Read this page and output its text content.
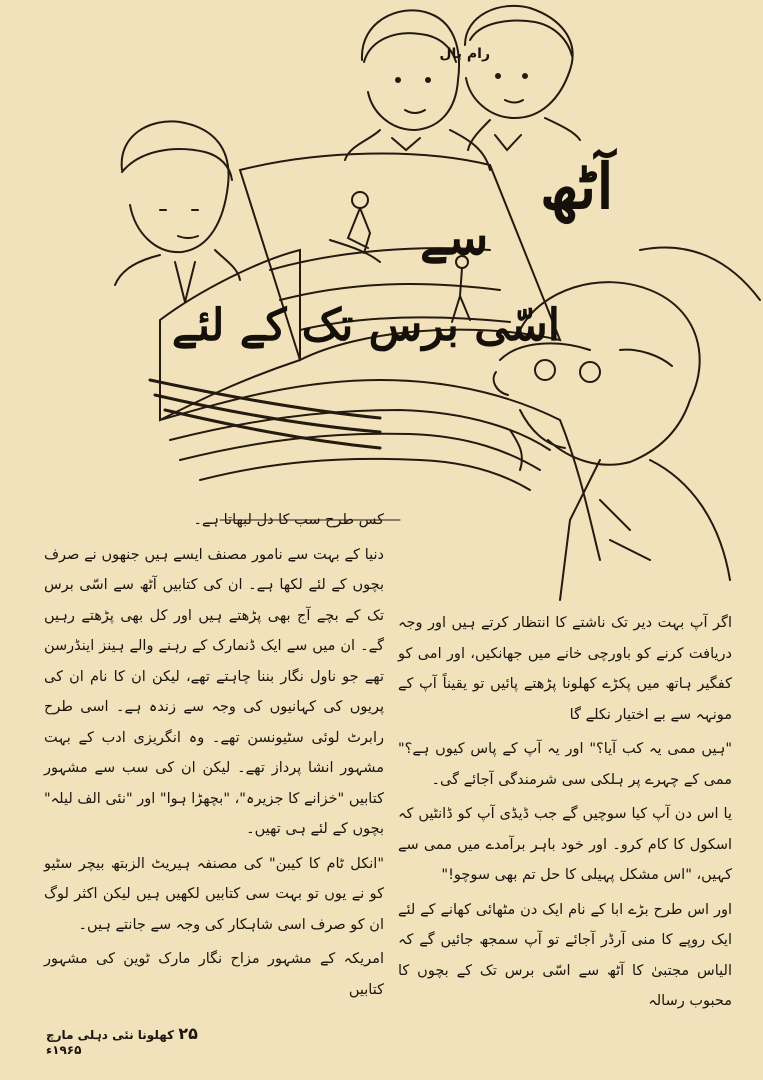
رام پال
آٹھ
سے
اسّی برس تک کے لئے

اگر آپ بہت دیر تک ناشتے کا انتظار کرتے ہیں اور وجہ دریافت کرنے کو باورچی خانے میں جھانکیں، اور امی کو کفگیر ہاتھ میں پکڑے کھلونا پڑھتے پائیں تو یقیناً آپ کے مونہہ سے بے اختیار نکلے گا

"ہیں ممی یہ کب آیا؟" اور یہ آپ کے پاس کیوں ہے؟" ممی کے چہرے پر ہلکی سی شرمندگی آجائے گی۔

یا اس دن آپ کیا سوچیں گے جب ڈیڈی آپ کو ڈانٹیں کہ اسکول کا کام کرو۔ اور خود باہر برآمدے میں ممی سے کہیں، "اس مشکل پہیلی کا حل تم بھی سوچو!"

اور اس طرح بڑے ابا کے نام ایک دن مٹھائی کھانے کے لئے ایک روپے کا منی آرڈر آجائے تو آپ سمجھ جائیں گے کہ الیاس مجتبیٰ کا آٹھ سے اسّی برس تک کے بچوں کا محبوب رسالہ

کس طرح سب کا دل لبھاتا ہے۔

دنیا کے بہت سے نامور مصنف ایسے ہیں جنھوں نے صرف بچوں کے لئے لکھا ہے۔ ان کی کتابیں آٹھ سے اسّی برس تک کے بچے آج بھی پڑھتے ہیں اور کل بھی پڑھتے رہیں گے۔ ان میں سے ایک ڈنمارک کے رہنے والے ہینز اینڈرسن تھے جو ناول نگار بننا چاہتے تھے، لیکن ان کا نام ان کی پریوں کی کہانیوں کی وجہ سے زندہ ہے۔ اسی طرح رابرٹ لوئی سٹیونسن تھے۔ وہ انگریزی ادب کے بہت مشہور انشا پرداز تھے۔ لیکن ان کی سب سے مشہور کتابیں "خزانے کا جزیرہ"، "بچھڑا ہوا" اور "نئی الف لیلہ" بچوں کے لئے ہی تھیں۔

"انکل ٹام کا کیبن" کی مصنفہ ہیریٹ الزبتھ بیچر سٹیو کو نے یوں تو بہت سی کتابیں لکھیں ہیں لیکن اکثر لوگ ان کو صرف اسی شاہکار کی وجہ سے جانتے ہیں۔

امریکہ کے مشہور مزاح نگار مارک ٹوین کی مشہور کتابیں

۲۵ کھلونا نئی دہلی مارچ ۱۹۶۵ء
